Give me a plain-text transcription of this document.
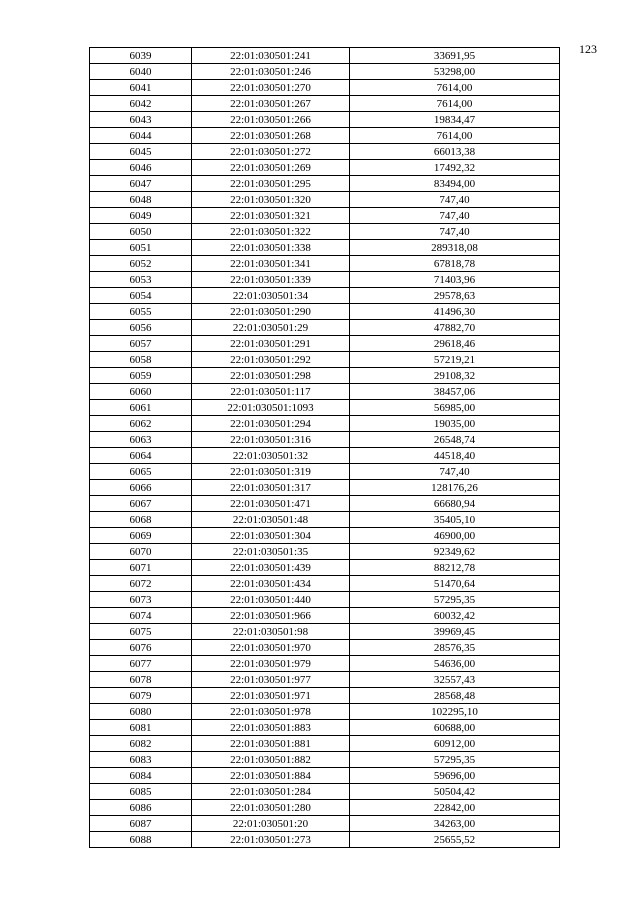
123
6039	22:01:030501:241	33691,95
6040	22:01:030501:246	53298,00
6041	22:01:030501:270	7614,00
6042	22:01:030501:267	7614,00
6043	22:01:030501:266	19834,47
6044	22:01:030501:268	7614,00
6045	22:01:030501:272	66013,38
6046	22:01:030501:269	17492,32
6047	22:01:030501:295	83494,00
6048	22:01:030501:320	747,40
6049	22:01:030501:321	747,40
6050	22:01:030501:322	747,40
6051	22:01:030501:338	289318,08
6052	22:01:030501:341	67818,78
6053	22:01:030501:339	71403,96
6054	22:01:030501:34	29578,63
6055	22:01:030501:290	41496,30
6056	22:01:030501:29	47882,70
6057	22:01:030501:291	29618,46
6058	22:01:030501:292	57219,21
6059	22:01:030501:298	29108,32
6060	22:01:030501:117	38457,06
6061	22:01:030501:1093	56985,00
6062	22:01:030501:294	19035,00
6063	22:01:030501:316	26548,74
6064	22:01:030501:32	44518,40
6065	22:01:030501:319	747,40
6066	22:01:030501:317	128176,26
6067	22:01:030501:471	66680,94
6068	22:01:030501:48	35405,10
6069	22:01:030501:304	46900,00
6070	22:01:030501:35	92349,62
6071	22:01:030501:439	88212,78
6072	22:01:030501:434	51470,64
6073	22:01:030501:440	57295,35
6074	22:01:030501:966	60032,42
6075	22:01:030501:98	39969,45
6076	22:01:030501:970	28576,35
6077	22:01:030501:979	54636,00
6078	22:01:030501:977	32557,43
6079	22:01:030501:971	28568,48
6080	22:01:030501:978	102295,10
6081	22:01:030501:883	60688,00
6082	22:01:030501:881	60912,00
6083	22:01:030501:882	57295,35
6084	22:01:030501:884	59696,00
6085	22:01:030501:284	50504,42
6086	22:01:030501:280	22842,00
6087	22:01:030501:20	34263,00
6088	22:01:030501:273	25655,52
